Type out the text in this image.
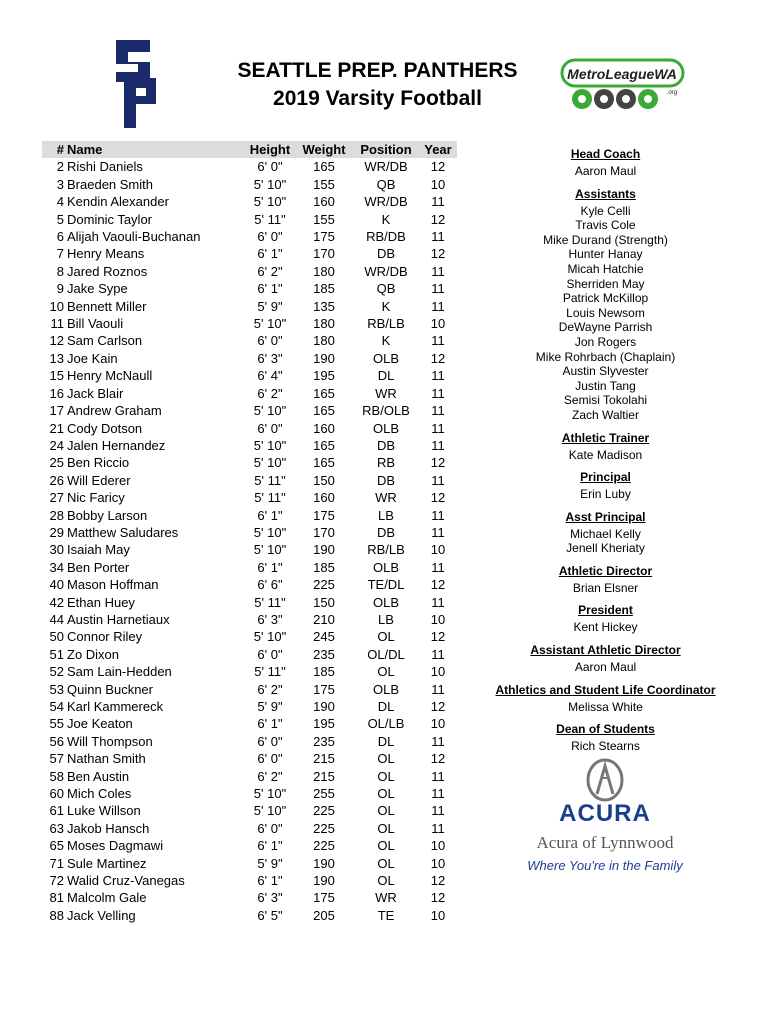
SEATTLE PREP. PANTHERS
2019 Varsity Football
MetroLeagueWA
.org
#	Name	Height	Weight	Position	Year
2	Rishi Daniels	6' 0"	165	WR/DB	12
3	Braeden Smith	5' 10"	155	QB	10
4	Kendin Alexander	5' 10"	160	WR/DB	11
5	Dominic Taylor	5' 11"	155	K	12
6	Alijah Vaouli-Buchanan	6' 0"	175	RB/DB	11
7	Henry Means	6' 1"	170	DB	12
8	Jared Roznos	6' 2"	180	WR/DB	11
9	Jake Sype	6' 1"	185	QB	11
10	Bennett Miller	5' 9"	135	K	11
11	Bill Vaouli	5' 10"	180	RB/LB	10
12	Sam Carlson	6' 0"	180	K	11
13	Joe Kain	6' 3"	190	OLB	12
15	Henry McNaull	6' 4"	195	DL	11
16	Jack Blair	6' 2"	165	WR	11
17	Andrew Graham	5' 10"	165	RB/OLB	11
21	Cody Dotson	6' 0"	160	OLB	11
24	Jalen Hernandez	5' 10"	165	DB	11
25	Ben Riccio	5' 10"	165	RB	12
26	Will Ederer	5' 11"	150	DB	11
27	Nic Faricy	5' 11"	160	WR	12
28	Bobby Larson	6' 1"	175	LB	11
29	Matthew Saludares	5' 10"	170	DB	11
30	Isaiah May	5' 10"	190	RB/LB	10
34	Ben Porter	6' 1"	185	OLB	11
40	Mason Hoffman	6' 6"	225	TE/DL	12
42	Ethan Huey	5' 11"	150	OLB	11
44	Austin Harnetiaux	6' 3"	210	LB	10
50	Connor Riley	5' 10"	245	OL	12
51	Zo Dixon	6' 0"	235	OL/DL	11
52	Sam Lain-Hedden	5' 11"	185	OL	10
53	Quinn Buckner	6' 2"	175	OLB	11
54	Karl Kammereck	5' 9"	190	DL	12
55	Joe Keaton	6' 1"	195	OL/LB	10
56	Will Thompson	6' 0"	235	DL	11
57	Nathan Smith	6' 0"	215	OL	12
58	Ben Austin	6' 2"	215	OL	11
60	Mich Coles	5' 10"	255	OL	11
61	Luke Willson	5' 10"	225	OL	11
63	Jakob Hansch	6' 0"	225	OL	11
65	Moses Dagmawi	6' 1"	225	OL	10
71	Sule Martinez	5' 9"	190	OL	10
72	Walid Cruz-Vanegas	6' 1"	190	OL	12
81	Malcolm Gale	6' 3"	175	WR	12
88	Jack Velling	6' 5"	205	TE	10
Head Coach
Aaron Maul
Assistants
Kyle Celli
Travis Cole
Mike Durand (Strength)
Hunter Hanay
Micah Hatchie
Sherriden May
Patrick McKillop
Louis Newsom
DeWayne Parrish
Jon Rogers
Mike Rohrbach (Chaplain)
Austin Slyvester
Justin Tang
Semisi Tokolahi
Zach Waltier
Athletic Trainer
Kate Madison
Principal
Erin Luby
Asst Principal
Michael Kelly
Jenell Kheriaty
Athletic Director
Brian Elsner
President
Kent Hickey
Assistant Athletic Director
Aaron Maul
Athletics and Student Life Coordinator
Melissa White
Dean of Students
Rich Stearns
ACURA
Acura of Lynnwood
Where You're in the Family
